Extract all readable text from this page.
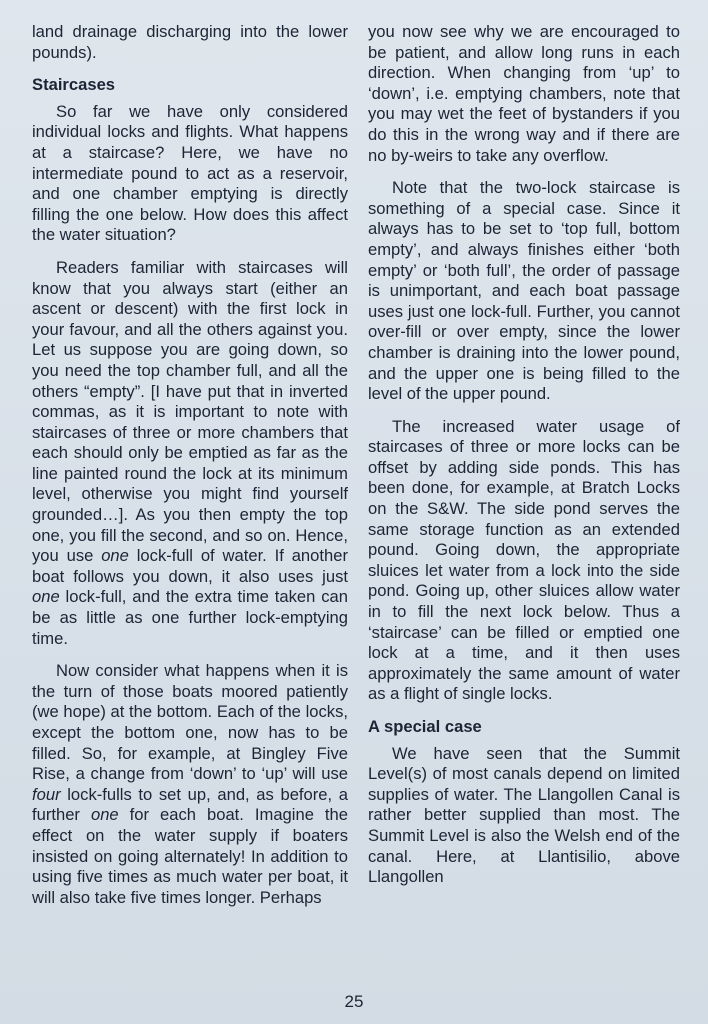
land drainage discharging into the lower pounds).

Staircases

So far we have only considered individual locks and flights. What happens at a staircase? Here, we have no intermediate pound to act as a reservoir, and one chamber emptying is directly filling the one below. How does this affect the water situation?

Readers familiar with staircases will know that you always start (either an ascent or descent) with the first lock in your favour, and all the others against you. Let us suppose you are going down, so you need the top chamber full, and all the others “empty”. [I have put that in inverted commas, as it is important to note with staircases of three or more chambers that each should only be emptied as far as the line painted round the lock at its minimum level, otherwise you might find yourself grounded…]. As you then empty the top one, you fill the second, and so on. Hence, you use one lock-full of water. If another boat follows you down, it also uses just one lock-full, and the extra time taken can be as little as one further lock-emptying time.

Now consider what happens when it is the turn of those boats moored patiently (we hope) at the bottom. Each of the locks, except the bottom one, now has to be filled. So, for example, at Bingley Five Rise, a change from ‘down’ to ‘up’ will use four lock-fulls to set up, and, as before, a further one for each boat. Imagine the effect on the water supply if boaters insisted on going alternately! In addition to using five times as much water per boat, it will also take five times longer. Perhaps

you now see why we are encouraged to be patient, and allow long runs in each direction. When changing from ‘up’ to ‘down’, i.e. emptying chambers, note that you may wet the feet of bystanders if you do this in the wrong way and if there are no by-weirs to take any overflow.

Note that the two-lock staircase is something of a special case. Since it always has to be set to ‘top full, bottom empty’, and always finishes either ‘both empty’ or ‘both full’, the order of passage is unimportant, and each boat passage uses just one lock-full. Further, you cannot over-fill or over empty, since the lower chamber is draining into the lower pound, and the upper one is being filled to the level of the upper pound.

The increased water usage of staircases of three or more locks can be offset by adding side ponds. This has been done, for example, at Bratch Locks on the S&W. The side pond serves the same storage function as an extended pound. Going down, the appropriate sluices let water from a lock into the side pond. Going up, other sluices allow water in to fill the next lock below. Thus a ‘staircase’ can be filled or emptied one lock at a time, and it then uses approximately the same amount of water as a flight of single locks.

A special case

We have seen that the Summit Level(s) of most canals depend on limited supplies of water. The Llangollen Canal is rather better supplied than most. The Summit Level is also the Welsh end of the canal. Here, at Llantisilio, above Llangollen

25
